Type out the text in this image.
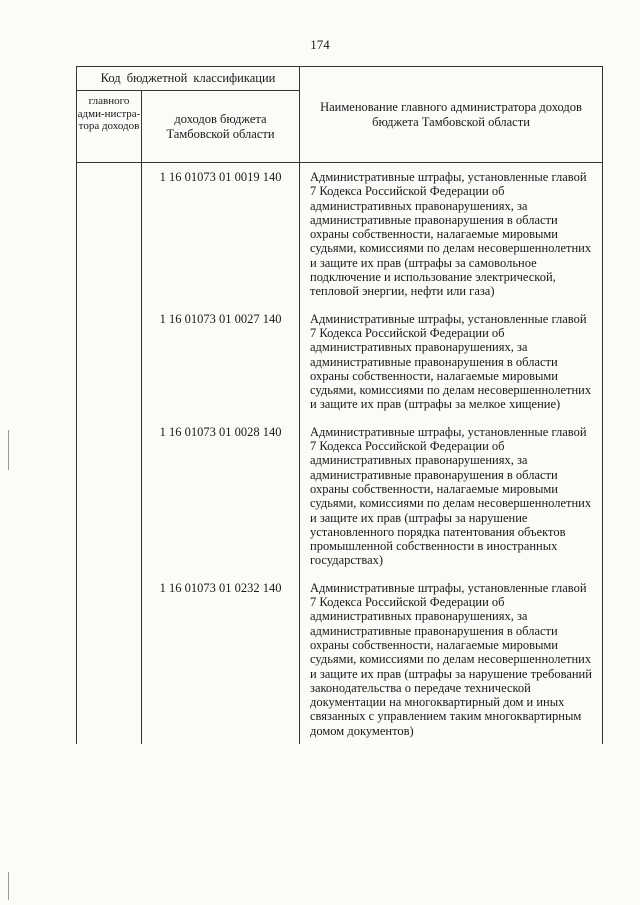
174
Код бюджетной классификации		Наименование главного администратора доходов бюджета Тамбовской области
главного адми-нистра-тора доходов	доходов бюджета Тамбовской области	
	1 16 01073 01 0019 140	Административные штрафы, установленные главой 7 Кодекса Российской Федерации об административных правонарушениях, за административные правонарушения в области охраны собственности, налагаемые мировыми судьями, комиссиями по делам несовершеннолетних и защите их прав (штрафы за самовольное подключение и использование электрической, тепловой энергии, нефти или газа)
	1 16 01073 01 0027 140	Административные штрафы, установленные главой 7 Кодекса Российской Федерации об административных правонарушениях, за административные правонарушения в области охраны собственности, налагаемые мировыми судьями, комиссиями по делам несовершеннолетних и защите их прав (штрафы за мелкое хищение)
	1 16 01073 01 0028 140	Административные штрафы, установленные главой 7 Кодекса Российской Федерации об административных правонарушениях, за административные правонарушения в области охраны собственности, налагаемые мировыми судьями, комиссиями по делам несовершеннолетних и защите их прав (штрафы за нарушение установленного порядка патентования объектов промышленной собственности в иностранных государствах)
	1 16 01073 01 0232 140	Административные штрафы, установленные главой 7 Кодекса Российской Федерации об административных правонарушениях, за административные правонарушения в области охраны собственности, налагаемые мировыми судьями, комиссиями по делам несовершеннолетних и защите их прав (штрафы за нарушение требований законодательства о передаче технической документации на многоквартирный дом и иных связанных с управлением таким многоквартирным домом документов)
